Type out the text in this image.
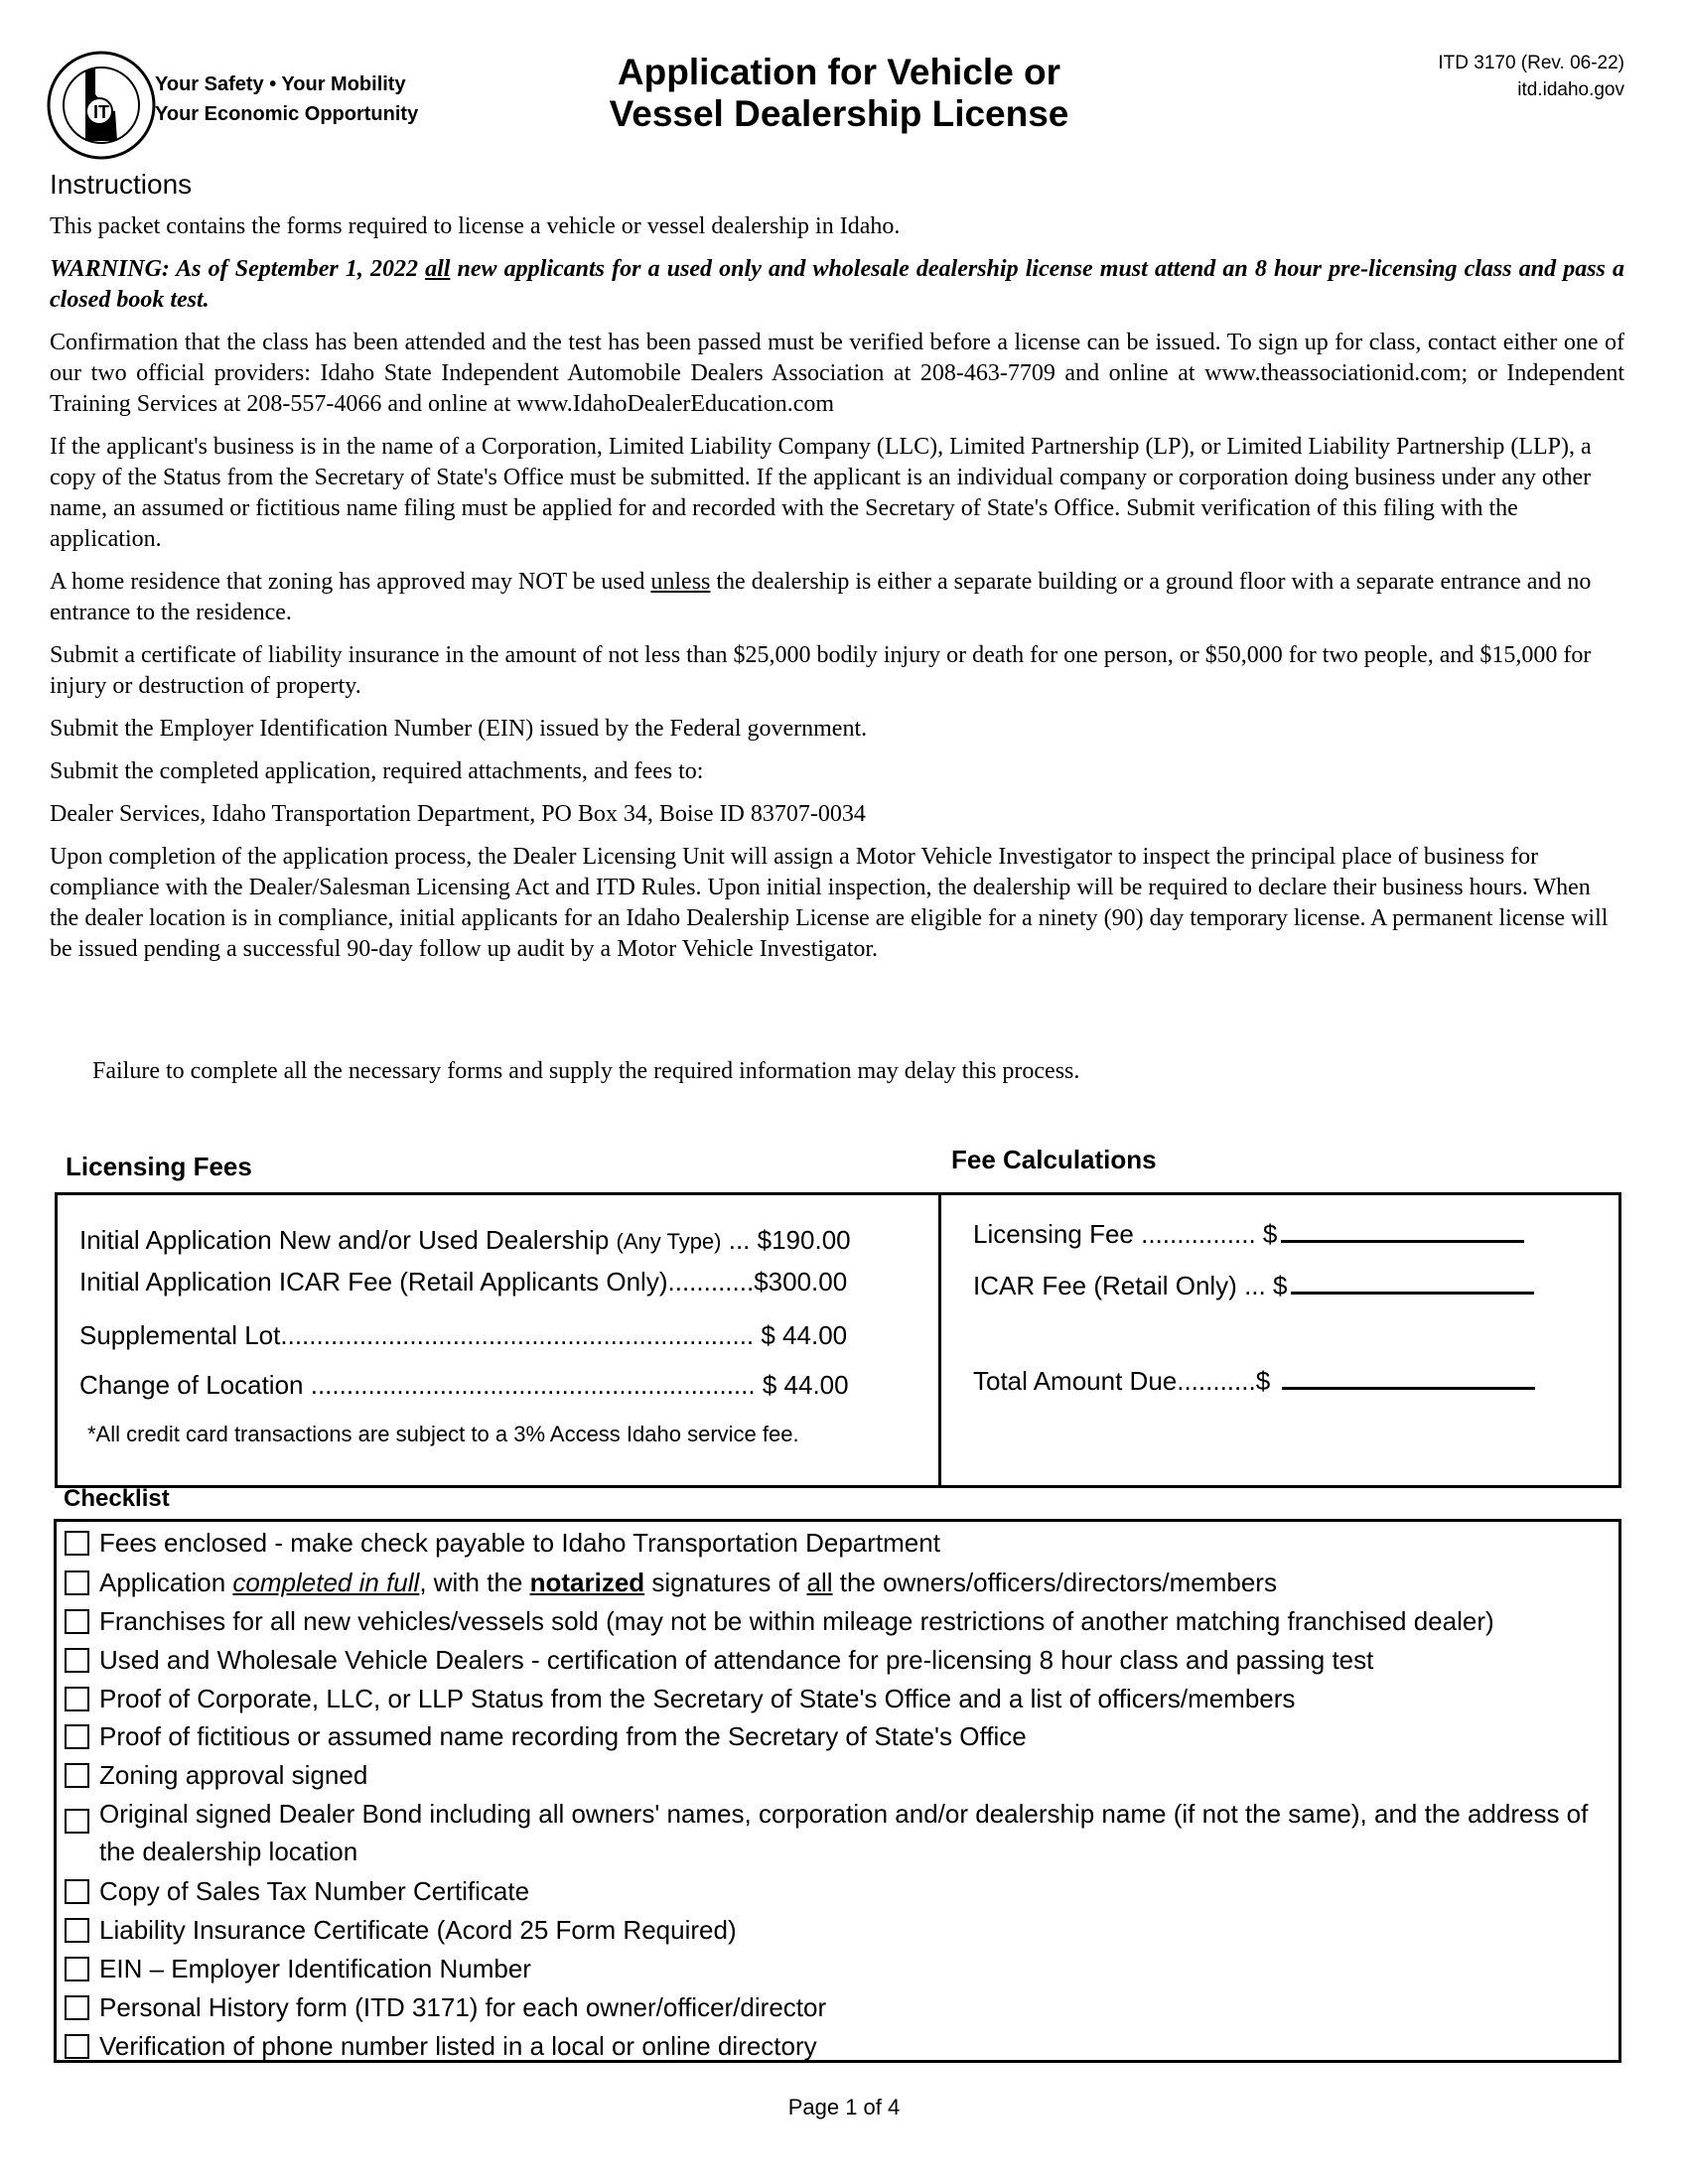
IT
Your Safety • Your Mobility
Your Economic Opportunity
Application for Vehicle or
Vessel Dealership License
ITD 3170 (Rev. 06-22)
itd.idaho.gov
Instructions

This packet contains the forms required to license a vehicle or vessel dealership in Idaho.

WARNING: As of September 1, 2022 all new applicants for a used only and wholesale dealership license must attend an 8 hour pre-licensing class and pass a closed book test.

Confirmation that the class has been attended and the test has been passed must be verified before a license can be issued. To sign up for class, contact either one of our two official providers: Idaho State Independent Automobile Dealers Association at 208-463-7709 and online at www.theassociationid.com; or Independent Training Services at 208-557-4066 and online at www.IdahoDealerEducation.com

If the applicant's business is in the name of a Corporation, Limited Liability Company (LLC), Limited Partnership (LP), or Limited Liability Partnership (LLP), a copy of the Status from the Secretary of State's Office must be submitted. If the applicant is an individual company or corporation doing business under any other name, an assumed or fictitious name filing must be applied for and recorded with the Secretary of State's Office. Submit verification of this filing with the application.

A home residence that zoning has approved may NOT be used unless the dealership is either a separate building or a ground floor with a separate entrance and no entrance to the residence.

Submit a certificate of liability insurance in the amount of not less than $25,000 bodily injury or death for one person, or $50,000 for two people, and $15,000 for injury or destruction of property.

Submit the Employer Identification Number (EIN) issued by the Federal government.

Submit the completed application, required attachments, and fees to:

Dealer Services, Idaho Transportation Department, PO Box 34, Boise ID 83707-0034

Upon completion of the application process, the Dealer Licensing Unit will assign a Motor Vehicle Investigator to inspect the principal place of business for compliance with the Dealer/Salesman Licensing Act and ITD Rules. Upon initial inspection, the dealership will be required to declare their business hours. When the dealer location is in compliance, initial applicants for an Idaho Dealership License are eligible for a ninety (90) day temporary license. A permanent license will be issued pending a successful 90-day follow up audit by a Motor Vehicle Investigator.

Failure to complete all the necessary forms and supply the required information may delay this process.
Licensing Fees	Fee Calculations
Initial Application New and/or Used Dealership (Any Type) ... $190.00
Initial Application ICAR Fee (Retail Applicants Only)............$300.00
Supplemental Lot.................................................................. $ 44.00
Change of Location .............................................................. $ 44.00
*All credit card transactions are subject to a 3% Access Idaho service fee.
Licensing Fee ................ $
ICAR Fee (Retail Only) ... $
Total Amount Due...........$
Checklist
Fees enclosed - make check payable to Idaho Transportation Department
Application completed in full, with the notarized signatures of all the owners/officers/directors/members
Franchises for all new vehicles/vessels sold (may not be within mileage restrictions of another matching franchised dealer)
Used and Wholesale Vehicle Dealers - certification of attendance for pre-licensing 8 hour class and passing test
Proof of Corporate, LLC, or LLP Status from the Secretary of State's Office and a list of officers/members
Proof of fictitious or assumed name recording from the Secretary of State's Office
Zoning approval signed
Original signed Dealer Bond including all owners' names, corporation and/or dealership name (if not the same), and the address of the dealership location
Copy of Sales Tax Number Certificate
Liability Insurance Certificate (Acord 25 Form Required)
EIN – Employer Identification Number
Personal History form (ITD 3171) for each owner/officer/director
Verification of phone number listed in a local or online directory
Page 1 of 4
